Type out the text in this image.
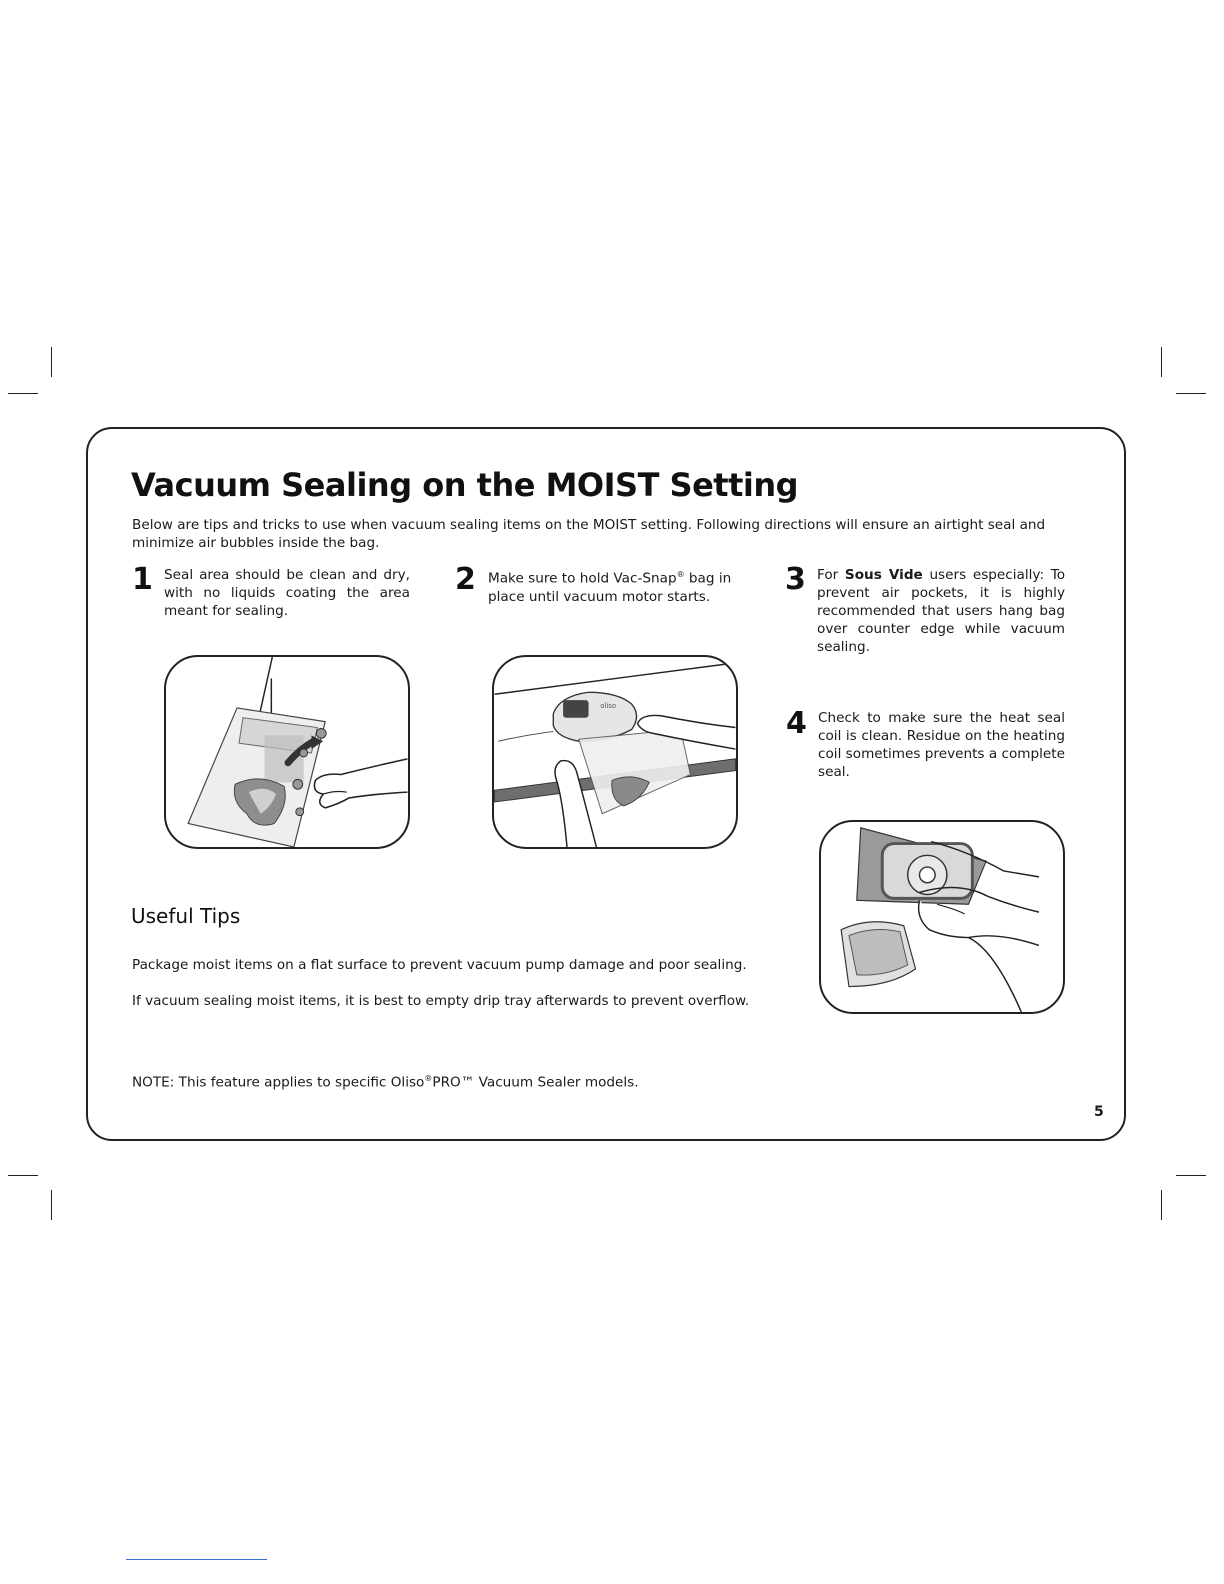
Vacuum Sealing on the MOIST Setting
Below are tips and tricks to use when vacuum sealing items on the MOIST setting. Following directions will ensure an airtight seal and minimize air bubbles inside the bag.
1 Seal area should be clean and dry, with no liquids coating the area meant for sealing.
2 Make sure to hold Vac-Snap® bag in place until vacuum motor starts.	3 For Sous Vide users especially: To prevent air pockets, it is highly recommended that users hang bag over counter edge while vacuum sealing.
4 Check to make sure the heat seal coil is clean. Residue on the heating coil sometimes prevents a complete seal.
oliso
Useful Tips
Package moist items on a flat surface to prevent vacuum pump damage and poor sealing.
If vacuum sealing moist items, it is best to empty drip tray afterwards to prevent overflow.
NOTE: This feature applies to specific Oliso®PRO™ Vacuum Sealer models.
5
